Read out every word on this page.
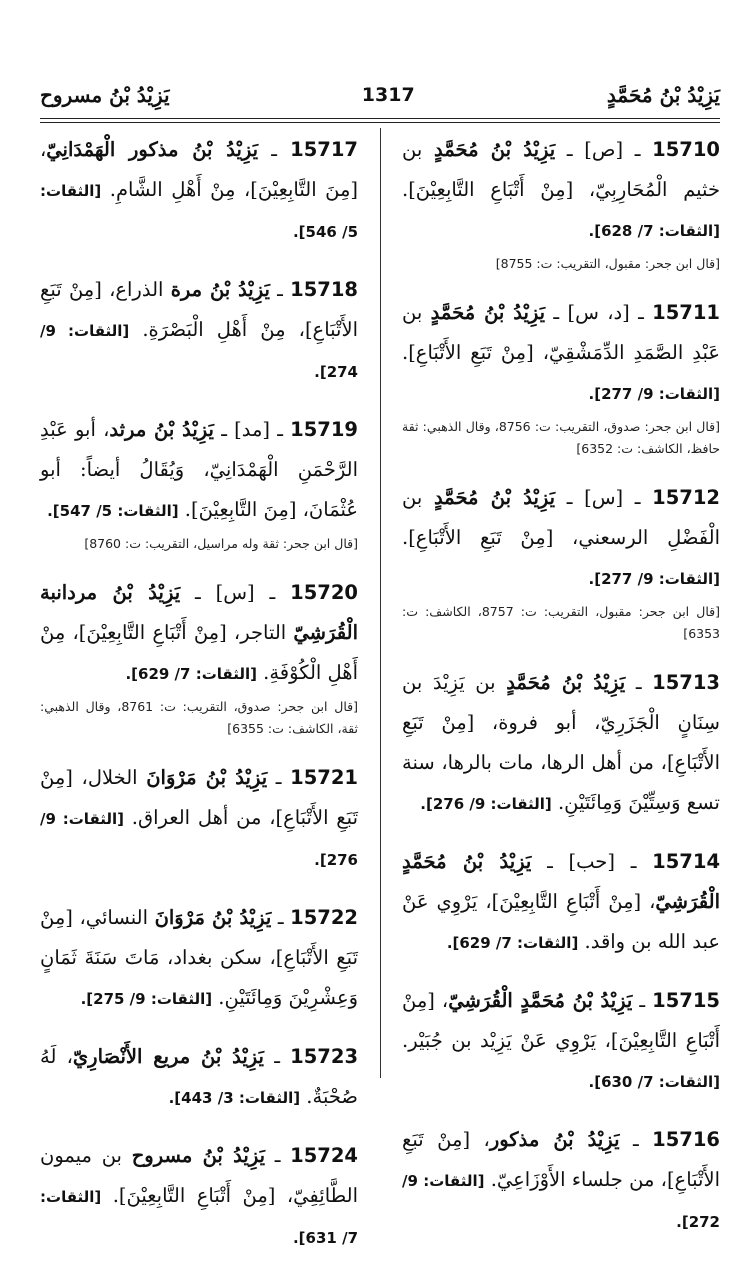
يَزِيْدُ بْنُ مُحَمَّدٍ
1317
يَزِيْدُ بْنُ مسروح

15710 ـ [ص] ـ يَزِيْدُ بْنُ مُحَمَّدٍ بن خثيم الْمُحَارِبِيّ، [مِنْ أَتْبَاعِ التَّابِعِيْنَ]. [الثقات: 7/ 628].

[قال ابن جحر: مقبول، التقريب: ت: 8755]

15711 ـ [د، س] ـ يَزِيْدُ بْنُ مُحَمَّدٍ بن عَبْدِ الصَّمَدِ الدِّمَشْقِيّ، [مِنْ تَبَعِ الأَتْبَاعِ]. [الثقات: 9/ 277].

[قال ابن جحر: صدوق، التقريب: ت: 8756، وقال الذهبي: ثقة حافظ، الكاشف: ت: 6352]

15712 ـ [س] ـ يَزِيْدُ بْنُ مُحَمَّدٍ بن الْفَضْلِ الرسعني، [مِنْ تَبَعِ الأَتْبَاعِ]. [الثقات: 9/ 277].

[قال ابن جحر: مقبول، التقريب: ت: 8757، الكاشف: ت: 6353]

15713 ـ يَزِيْدُ بْنُ مُحَمَّدٍ بن يَزِيْدَ بن سِنَانٍ الْجَزَرِيّ، أبو فروة، [مِنْ تَبَعِ الأَتْبَاعِ]، من أهل الرها، مات بالرها، سنة تسع وَسِتِّيْنَ وَمِائَتَيْنِ. [الثقات: 9/ 276].

15714 ـ [حب] ـ يَزِيْدُ بْنُ مُحَمَّدٍ الْقُرَشِيّ، [مِنْ أَتْبَاعِ التَّابِعِيْنَ]، يَرْوِي عَنْ عبد الله بن واقد. [الثقات: 7/ 629].

15715 ـ يَزِيْدُ بْنُ مُحَمَّدٍ الْقُرَشِيّ، [مِنْ أَتْبَاعِ التَّابِعِيْنَ]، يَرْوِي عَنْ يَزِيْد بن جُبَيْر. [الثقات: 7/ 630].

15716 ـ يَزِيْدُ بْنُ مذكور، [مِنْ تَبَعِ الأَتْبَاعِ]، من جلساء الأَوْزَاعِيّ. [الثقات: 9/ 272].

15717 ـ يَزِيْدُ بْنُ مذكور الْهَمْدَانِيّ، [مِنَ التَّابِعِيْنَ]، مِنْ أَهْلِ الشَّامِ. [الثقات: 5/ 546].

15718 ـ يَزِيْدُ بْنُ مرة الذراع، [مِنْ تَبَعِ الأَتْبَاعِ]، مِنْ أَهْلِ الْبَصْرَةِ. [الثقات: 9/ 274].

15719 ـ [مد] ـ يَزِيْدُ بْنُ مرثد، أبو عَبْدِ الرَّحْمَنِ الْهَمْدَانِيّ، وَيُقَالُ أيضاً: أبو عُثْمَانَ، [مِنَ التَّابِعِيْنَ]. [الثقات: 5/ 547].

[قال ابن جحر: ثقة وله مراسيل، التقريب: ت: 8760]

15720 ـ [س] ـ يَزِيْدُ بْنُ مردانبة الْقُرَشِيّ التاجر، [مِنْ أَتْبَاعِ التَّابِعِيْنَ]، مِنْ أَهْلِ الْكُوْفَةِ. [الثقات: 7/ 629].

[قال ابن جحر: صدوق، التقريب: ت: 8761، وقال الذهبي: ثقة، الكاشف: ت: 6355]

15721 ـ يَزِيْدُ بْنُ مَرْوَانَ الخلال، [مِنْ تَبَعِ الأَتْبَاعِ]، من أهل العراق. [الثقات: 9/ 276].

15722 ـ يَزِيْدُ بْنُ مَرْوَانَ النسائي، [مِنْ تَبَعِ الأَتْبَاعِ]، سكن بغداد، مَاتَ سَنَةَ ثَمَانٍ وَعِشْرِيْنَ وَمِائَتَيْنِ. [الثقات: 9/ 275].

15723 ـ يَزِيْدُ بْنُ مريع الأَنْصَارِيّ، لَهُ صُحْبَةٌ. [الثقات: 3/ 443].

15724 ـ يَزِيْدُ بْنُ مسروح بن ميمون الطَّائِفِيّ، [مِنْ أَتْبَاعِ التَّابِعِيْنَ]. [الثقات: 7/ 631].
